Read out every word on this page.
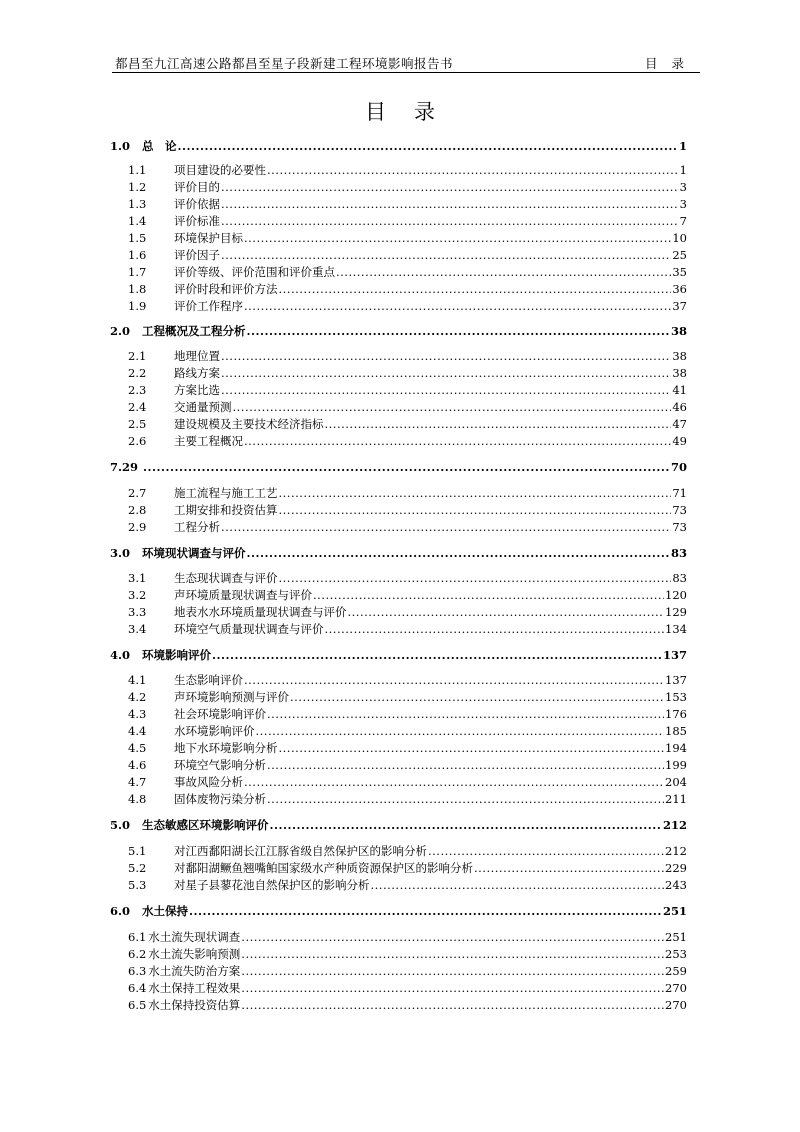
都昌至九江高速公路都昌至星子段新建工程环境影响报告书	目录
目录
1.0	总　论 .....	1
1.1	项目建设的必要性 .....	1
1.2	评价目的 .....	3
1.3	评价依据 .....	3
1.4	评价标准 .....	7
1.5	环境保护目标 .....	10
1.6	评价因子 .....	25
1.7	评价等级、评价范围和评价重点 .....	35
1.8	评价时段和评价方法 .....	36
1.9	评价工作程序 .....	37
2.0	工程概况及工程分析 .....	38
2.1	地理位置 .....	38
2.2	路线方案 .....	38
2.3	方案比选 .....	41
2.4	交通量预测 .....	46
2.5	建设规模及主要技术经济指标 .....	47
2.6	主要工程概况 .....	49
7.29 .....	70
2.7	施工流程与施工工艺 .....	71
2.8	工期安排和投资估算 .....	73
2.9	工程分析 .....	73
3.0	环境现状调查与评价 .....	83
3.1	生态现状调查与评价 .....	83
3.2	声环境质量现状调查与评价 .....	120
3.3	地表水水环境质量现状调查与评价 .....	129
3.4	环境空气质量现状调查与评价 .....	134
4.0	环境影响评价 .....	137
4.1	生态影响评价 .....	137
4.2	声环境影响预测与评价 .....	153
4.3	社会环境影响评价 .....	176
4.4	水环境影响评价 .....	185
4.5	地下水环境影响分析 .....	194
4.6	环境空气影响分析 .....	199
4.7	事故风险分析 .....	204
4.8	固体废物污染分析 .....	211
5.0	生态敏感区环境影响评价 .....	212
5.1	对江西鄱阳湖长江江豚省级自然保护区的影响分析 .....	212
5.2	对鄱阳湖鳜鱼翘嘴鲌国家级水产种质资源保护区的影响分析 .....	229
5.3	对星子县蓼花池自然保护区的影响分析 .....	243
6.0	水土保持 .....	251
6.1 水土流失现状调查 .....	251
6.2 水土流失影响预测 .....	253
6.3 水土流失防治方案 .....	259
6.4 水土保持工程效果 .....	270
6.5 水土保持投资估算 .....	270
